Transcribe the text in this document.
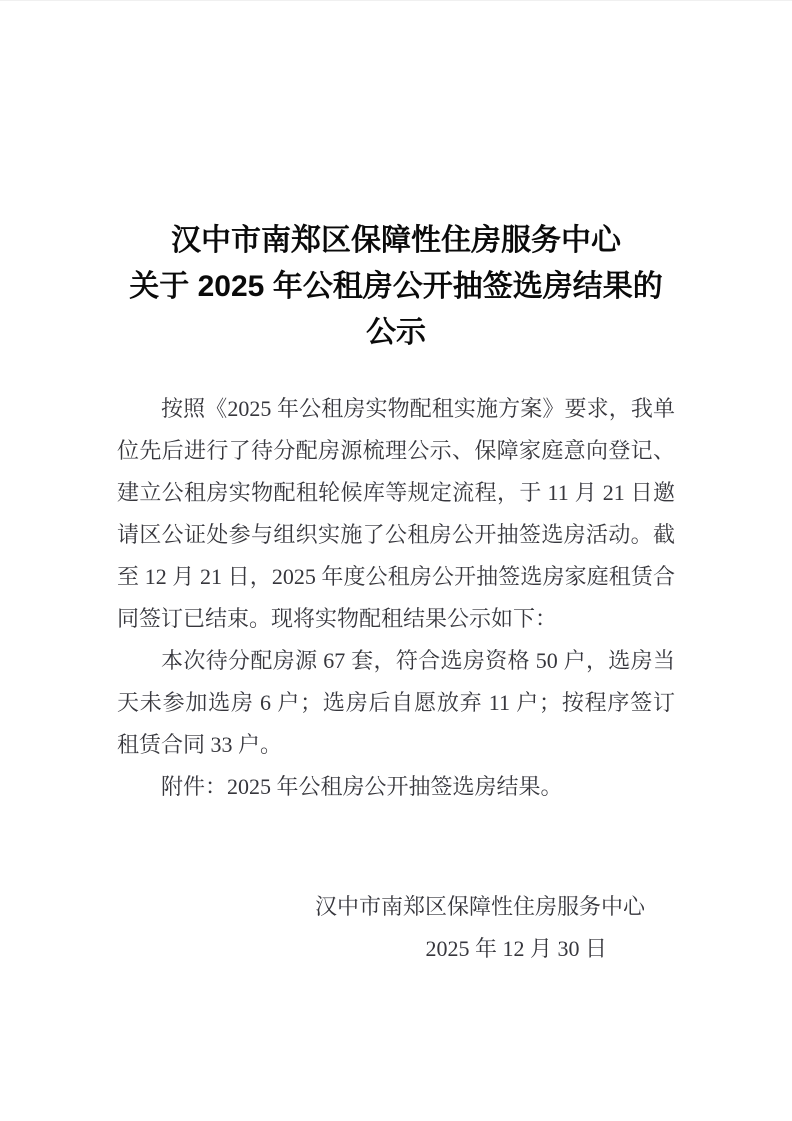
汉中市南郑区保障性住房服务中心
关于 2025 年公租房公开抽签选房结果的
公示

按照《2025 年公租房实物配租实施方案》要求，我单位先后进行了待分配房源梳理公示、保障家庭意向登记、建立公租房实物配租轮候库等规定流程，于 11 月 21 日邀请区公证处参与组织实施了公租房公开抽签选房活动。截至 12 月 21 日，2025 年度公租房公开抽签选房家庭租赁合同签订已结束。现将实物配租结果公示如下：

本次待分配房源 67 套，符合选房资格 50 户，选房当天未参加选房 6 户；选房后自愿放弃 11 户；按程序签订租赁合同 33 户。

附件：2025 年公租房公开抽签选房结果。

汉中市南郑区保障性住房服务中心
2025 年 12 月 30 日
